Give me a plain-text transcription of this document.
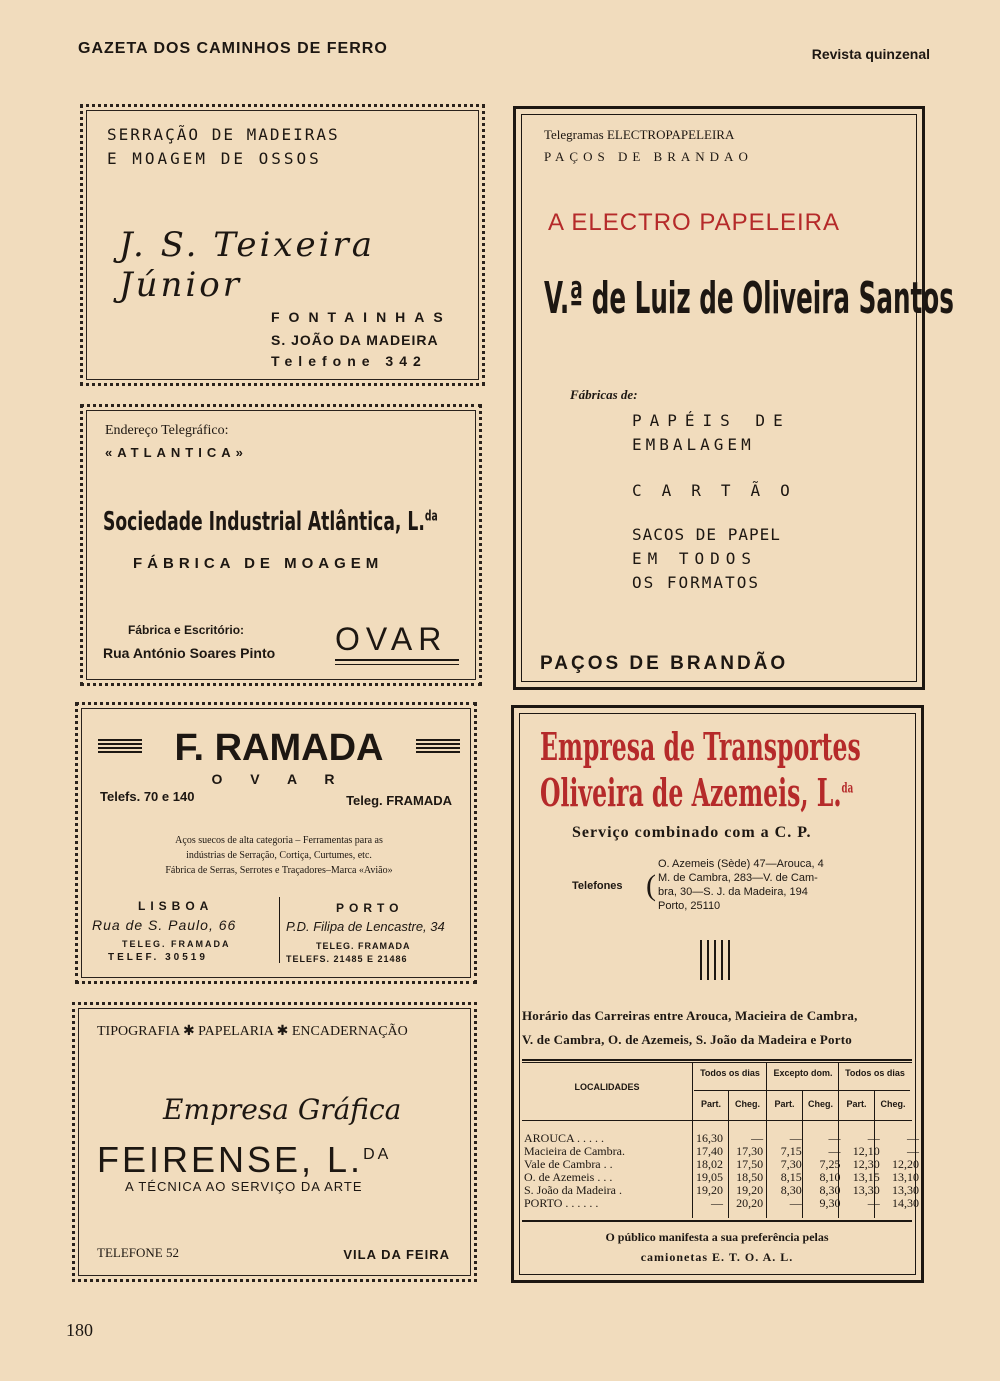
GAZETA DOS CAMINHOS DE FERRO	Revista quinzenal
SERRAÇÃO DE MADEIRAS
E MOAGEM DE OSSOS
J. S. Teixeira Júnior
FONTAINHAS
S. JOÃO DA MADEIRA
Telefone 342
Endereço Telegráfico:
«ATLANTICA»
Sociedade Industrial Atlântica, L.$^{da}$
FÁBRICA DE MOAGEM
Fábrica e Escritório:
Rua António Soares Pinto OVAR
F. RAMADA
O V A R
Telefs. 70 e 140	Teleg. FRAMADA
Aços suecos de alta categoria – Ferramentas para as
indústrias de Serração, Cortiça, Curtumes, etc.
Fábrica de Serras, Serrotes e Traçadores–Marca «Avião»
LISBOA
Rua de S. Paulo, 66
TELEG. FRAMADA
TELEF. 30519
PORTO
P.D. Filipa de Lencastre, 34
TELEG. FRAMADA
TELEFS. 21485 E 21486
TIPOGRAFIA ✱ PAPELARIA ✱ ENCADERNAÇÃO
Empresa Gráfica
FEIRENSE, L.$^{DA}$
A TÉCNICA AO SERVIÇO DA ARTE
TELEFONE 52	VILA DA FEIRA
Telegramas ELECTROPAPELEIRA
PAÇOS DE BRANDAO
A ELECTRO PAPELEIRA
V.ª de Luiz de Oliveira Santos
Fábricas de:
PAPÉIS DE
EMBALAGEM
CARTÃO
SACOS DE PAPEL
EM TODOS
OS FORMATOS
PAÇOS DE BRANDÃO
Empresa de Transportes
Oliveira de Azemeis, L.$^{da}$
Serviço combinado com a C. P.
Telefones (
O. Azemeis (Sède) 47—Arouca, 4
M. de Cambra, 283—V. de Cam-
bra, 30—S. J. da Madeira, 194
Porto, 25110
Horário das Carreiras entre Arouca, Macieira de Cambra,
V. de Cambra, O. de Azemeis, S. João da Madeira e Porto
LOCALIDADES
Todos os dias	Excepto dom.	Todos os dias
Part.	Cheg.	Part.	Cheg.	Part.	Cheg.
AROUCA . . . . .	16,30	—	—	—	—	—
Macieira de Cambra.	17,40	17,30	7,15	—	12,10	—
Vale de Cambra . .	18,02	17,50	7,30	7,25	12,30	12,20
O. de Azemeis . . .	19,05	18,50	8,15	8,10	13,15	13,10
S. João da Madeira .	19,20	19,20	8,30	8,30	13,30	13,30
PORTO . . . . . .	—	20,20	—	9,30	—	14,30
O público manifesta a sua preferência pelas
camionetas E. T. O. A. L.
180
